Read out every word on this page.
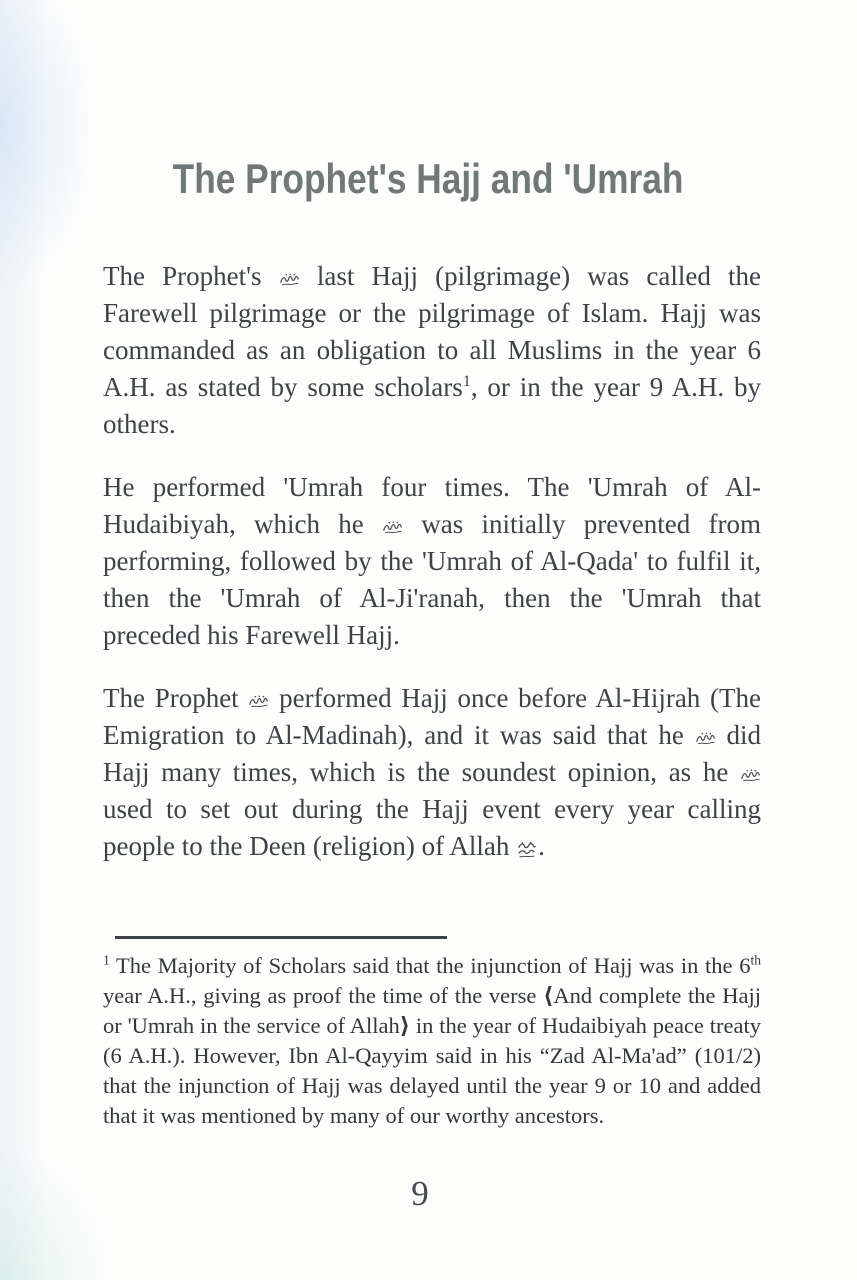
The Prophet's Hajj and 'Umrah

The Prophet's  last Hajj (pilgrimage) was called the Farewell pilgrimage or the pilgrimage of Islam. Hajj was commanded as an obligation to all Muslims in the year 6 A.H. as stated by some scholars$^1$, or in the year 9 A.H. by others.

He performed 'Umrah four times. The 'Umrah of Al-Hudaibiyah, which he  was initially prevented from performing, followed by the 'Umrah of Al-Qada' to fulfil it, then the 'Umrah of Al-Ji'ranah, then the 'Umrah that preceded his Farewell Hajj.

The Prophet  performed Hajj once before Al-Hijrah (The Emigration to Al-Madinah), and it was said that he  did Hajj many times, which is the soundest opinion, as he  used to set out during the Hajj event every year calling people to the Deen (religion) of Allah .

$^1$ The Majority of Scholars said that the injunction of Hajj was in the 6th year A.H., giving as proof the time of the verse ⟨And complete the Hajj or 'Umrah in the service of Allah⟩ in the year of Hudaibiyah peace treaty (6 A.H.). However, Ibn Al-Qayyim said in his “Zad Al-Ma'ad” (101/2) that the injunction of Hajj was delayed until the year 9 or 10 and added that it was mentioned by many of our worthy ancestors.
9
